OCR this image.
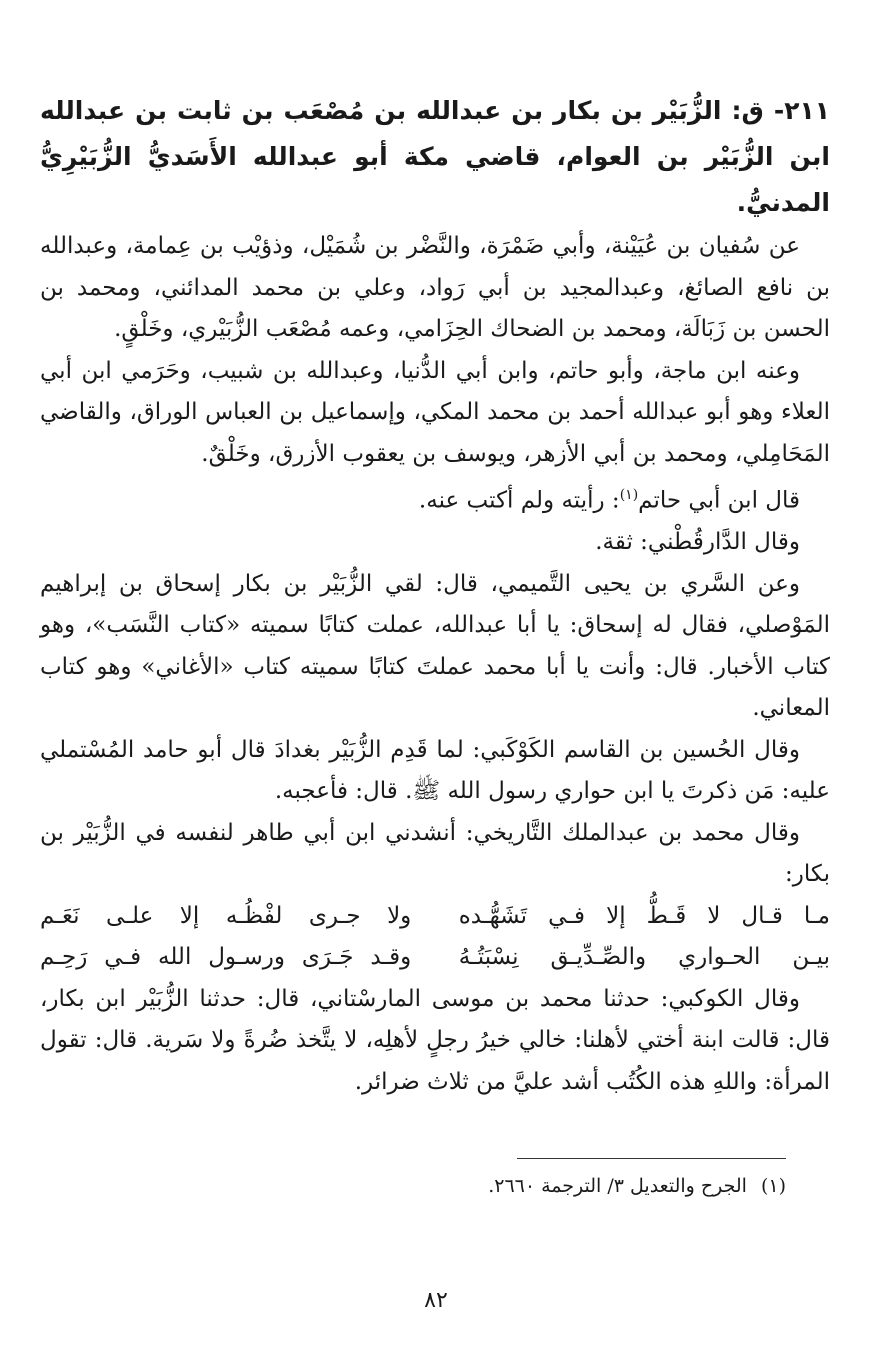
٢١١- ق: الزُّبَيْر بن بكار بن عبدالله بن مُصْعَب بن ثابت بن عبدالله ابن الزُّبَيْر بن العوام، قاضي مكة أبو عبدالله الأَسَديُّ الزُّبَيْرِيُّ المدنيُّ.

عن سُفيان بن عُيَيْنة، وأبي ضَمْرَة، والنَّضْر بن شُمَيْل، وذؤيْب بن عِمامة، وعبدالله بن نافع الصائغ، وعبدالمجيد بن أبي رَواد، وعلي بن محمد المدائني، ومحمد بن الحسن بن زَبَالَة، ومحمد بن الضحاك الحِزَامي، وعمه مُصْعَب الزُّبَيْري، وخَلْقٍ.

وعنه ابن ماجة، وأبو حاتم، وابن أبي الدُّنيا، وعبدالله بن شبيب، وحَرَمي ابن أبي العلاء وهو أبو عبدالله أحمد بن محمد المكي، وإسماعيل بن العباس الوراق، والقاضي المَحَامِلي، ومحمد بن أبي الأزهر، ويوسف بن يعقوب الأزرق، وخَلْقٌ.

قال ابن أبي حاتم$^{(١)}$: رأيته ولم أكتب عنه.

وقال الدَّارقُطْني: ثقة.

وعن السَّري بن يحيى التَّميمي، قال: لقي الزُّبَيْر بن بكار إسحاق بن إبراهيم المَوْصلي، فقال له إسحاق: يا أبا عبدالله، عملت كتابًا سميته «كتاب النَّسَب»، وهو كتاب الأخبار. قال: وأنت يا أبا محمد عملتَ كتابًا سميته كتاب «الأغاني» وهو كتاب المعاني.

وقال الحُسين بن القاسم الكَوْكَبي: لما قَدِم الزُّبَيْر بغدادَ قال أبو حامد المُسْتملي عليه: مَن ذكرتَ يا ابن حواري رسول الله ﷺ. قال: فأعجبه.

وقال محمد بن عبدالملك التَّاريخي: أنشدني ابن أبي طاهر لنفسه في الزُّبَيْر بن بكار:

مـا قـال لا قَـطُّ إلا فـي تَشَهُّـده
ولا جـرى لفْظُـه إلا علـى نَعَـم
بيـن الحـواري والصِّـدِّيـق نِسْبَتُـهُ
وقـد جَـرَى ورسـول الله فـي رَحِـم

وقال الكوكبي: حدثنا محمد بن موسى المارسْتاني، قال: حدثنا الزُّبَيْر ابن بكار، قال: قالت ابنة أختي لأهلنا: خالي خيرُ رجلٍ لأهلِه، لا يتَّخذ ضُرةً ولا سَرية. قال: تقول المرأة: واللهِ هذه الكُتُب أشد عليَّ من ثلاث ضرائر.

(١)الجرح والتعديل ٣/ الترجمة ٢٦٦٠.
٨٢
